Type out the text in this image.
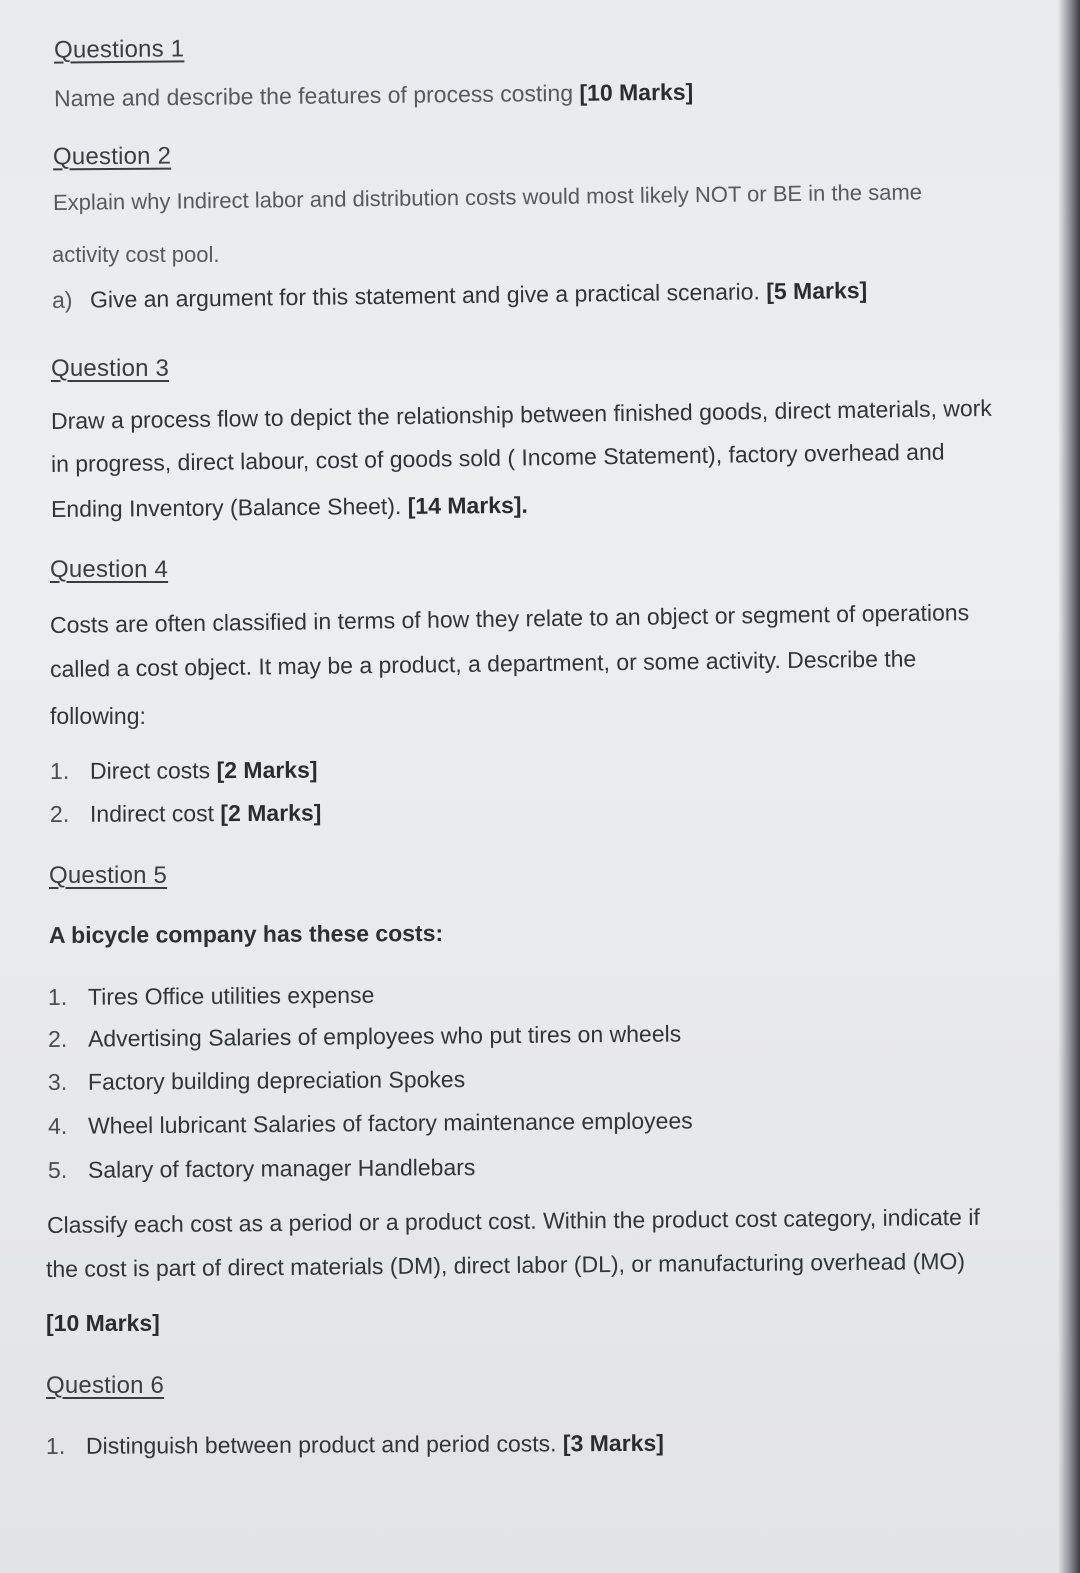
Questions 1
Name and describe the features of process costing [10 Marks]
Question 2
Explain why Indirect labor and distribution costs would most likely NOT or BE in the same
activity cost pool.
a) Give an argument for this statement and give a practical scenario. [5 Marks]
Question 3
Draw a process flow to depict the relationship between finished goods, direct materials, work
in progress, direct labour, cost of goods sold ( Income Statement), factory overhead and
Ending Inventory (Balance Sheet). [14 Marks].
Question 4
Costs are often classified in terms of how they relate to an object or segment of operations
called a cost object. It may be a product, a department, or some activity. Describe the
following:
1. Direct costs [2 Marks]
2. Indirect cost [2 Marks]
Question 5
A bicycle company has these costs:
1. Tires Office utilities expense
2. Advertising Salaries of employees who put tires on wheels
3. Factory building depreciation Spokes
4. Wheel lubricant Salaries of factory maintenance employees
5. Salary of factory manager Handlebars
Classify each cost as a period or a product cost. Within the product cost category, indicate if
the cost is part of direct materials (DM), direct labor (DL), or manufacturing overhead (MO)
[10 Marks]
Question 6
1. Distinguish between product and period costs. [3 Marks]
